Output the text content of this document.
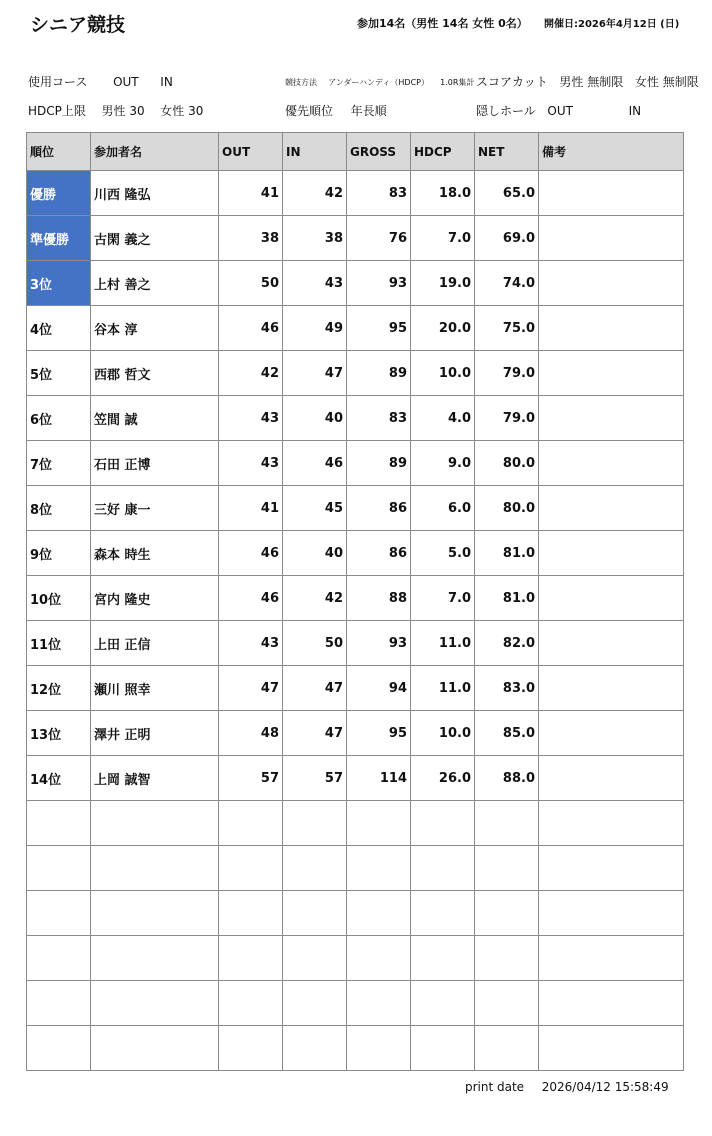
シニア競技	参加14名（男性 14名 女性 0名） 開催日:2026年4月12日 (日)
使用コース OUT IN	競技方法 アンダーハンディ（HDCP） 1.0R集計 スコアカット 男性 無制限 女性 無制限
HDCP上限 男性 30 女性 30	優先順位 年長順	隠しホール OUT	IN
順位	参加者名	OUT	IN	GROSS	HDCP	NET	備考
優勝	川西 隆弘	41	42	83	18.0	65.0	
準優勝	古閑 義之	38	38	76	7.0	69.0	
3位	上村 善之	50	43	93	19.0	74.0	
4位	谷本 淳	46	49	95	20.0	75.0	
5位	西郡 哲文	42	47	89	10.0	79.0	
6位	笠間 誠	43	40	83	4.0	79.0	
7位	石田 正博	43	46	89	9.0	80.0	
8位	三好 康一	41	45	86	6.0	80.0	
9位	森本 時生	46	40	86	5.0	81.0	
10位	宮内 隆史	46	42	88	7.0	81.0	
11位	上田 正信	43	50	93	11.0	82.0	
12位	瀬川 照幸	47	47	94	11.0	83.0	
13位	澤井 正明	48	47	95	10.0	85.0	
14位	上岡 誠智	57	57	114	26.0	88.0	

print date 2026/04/12 15:58:49
